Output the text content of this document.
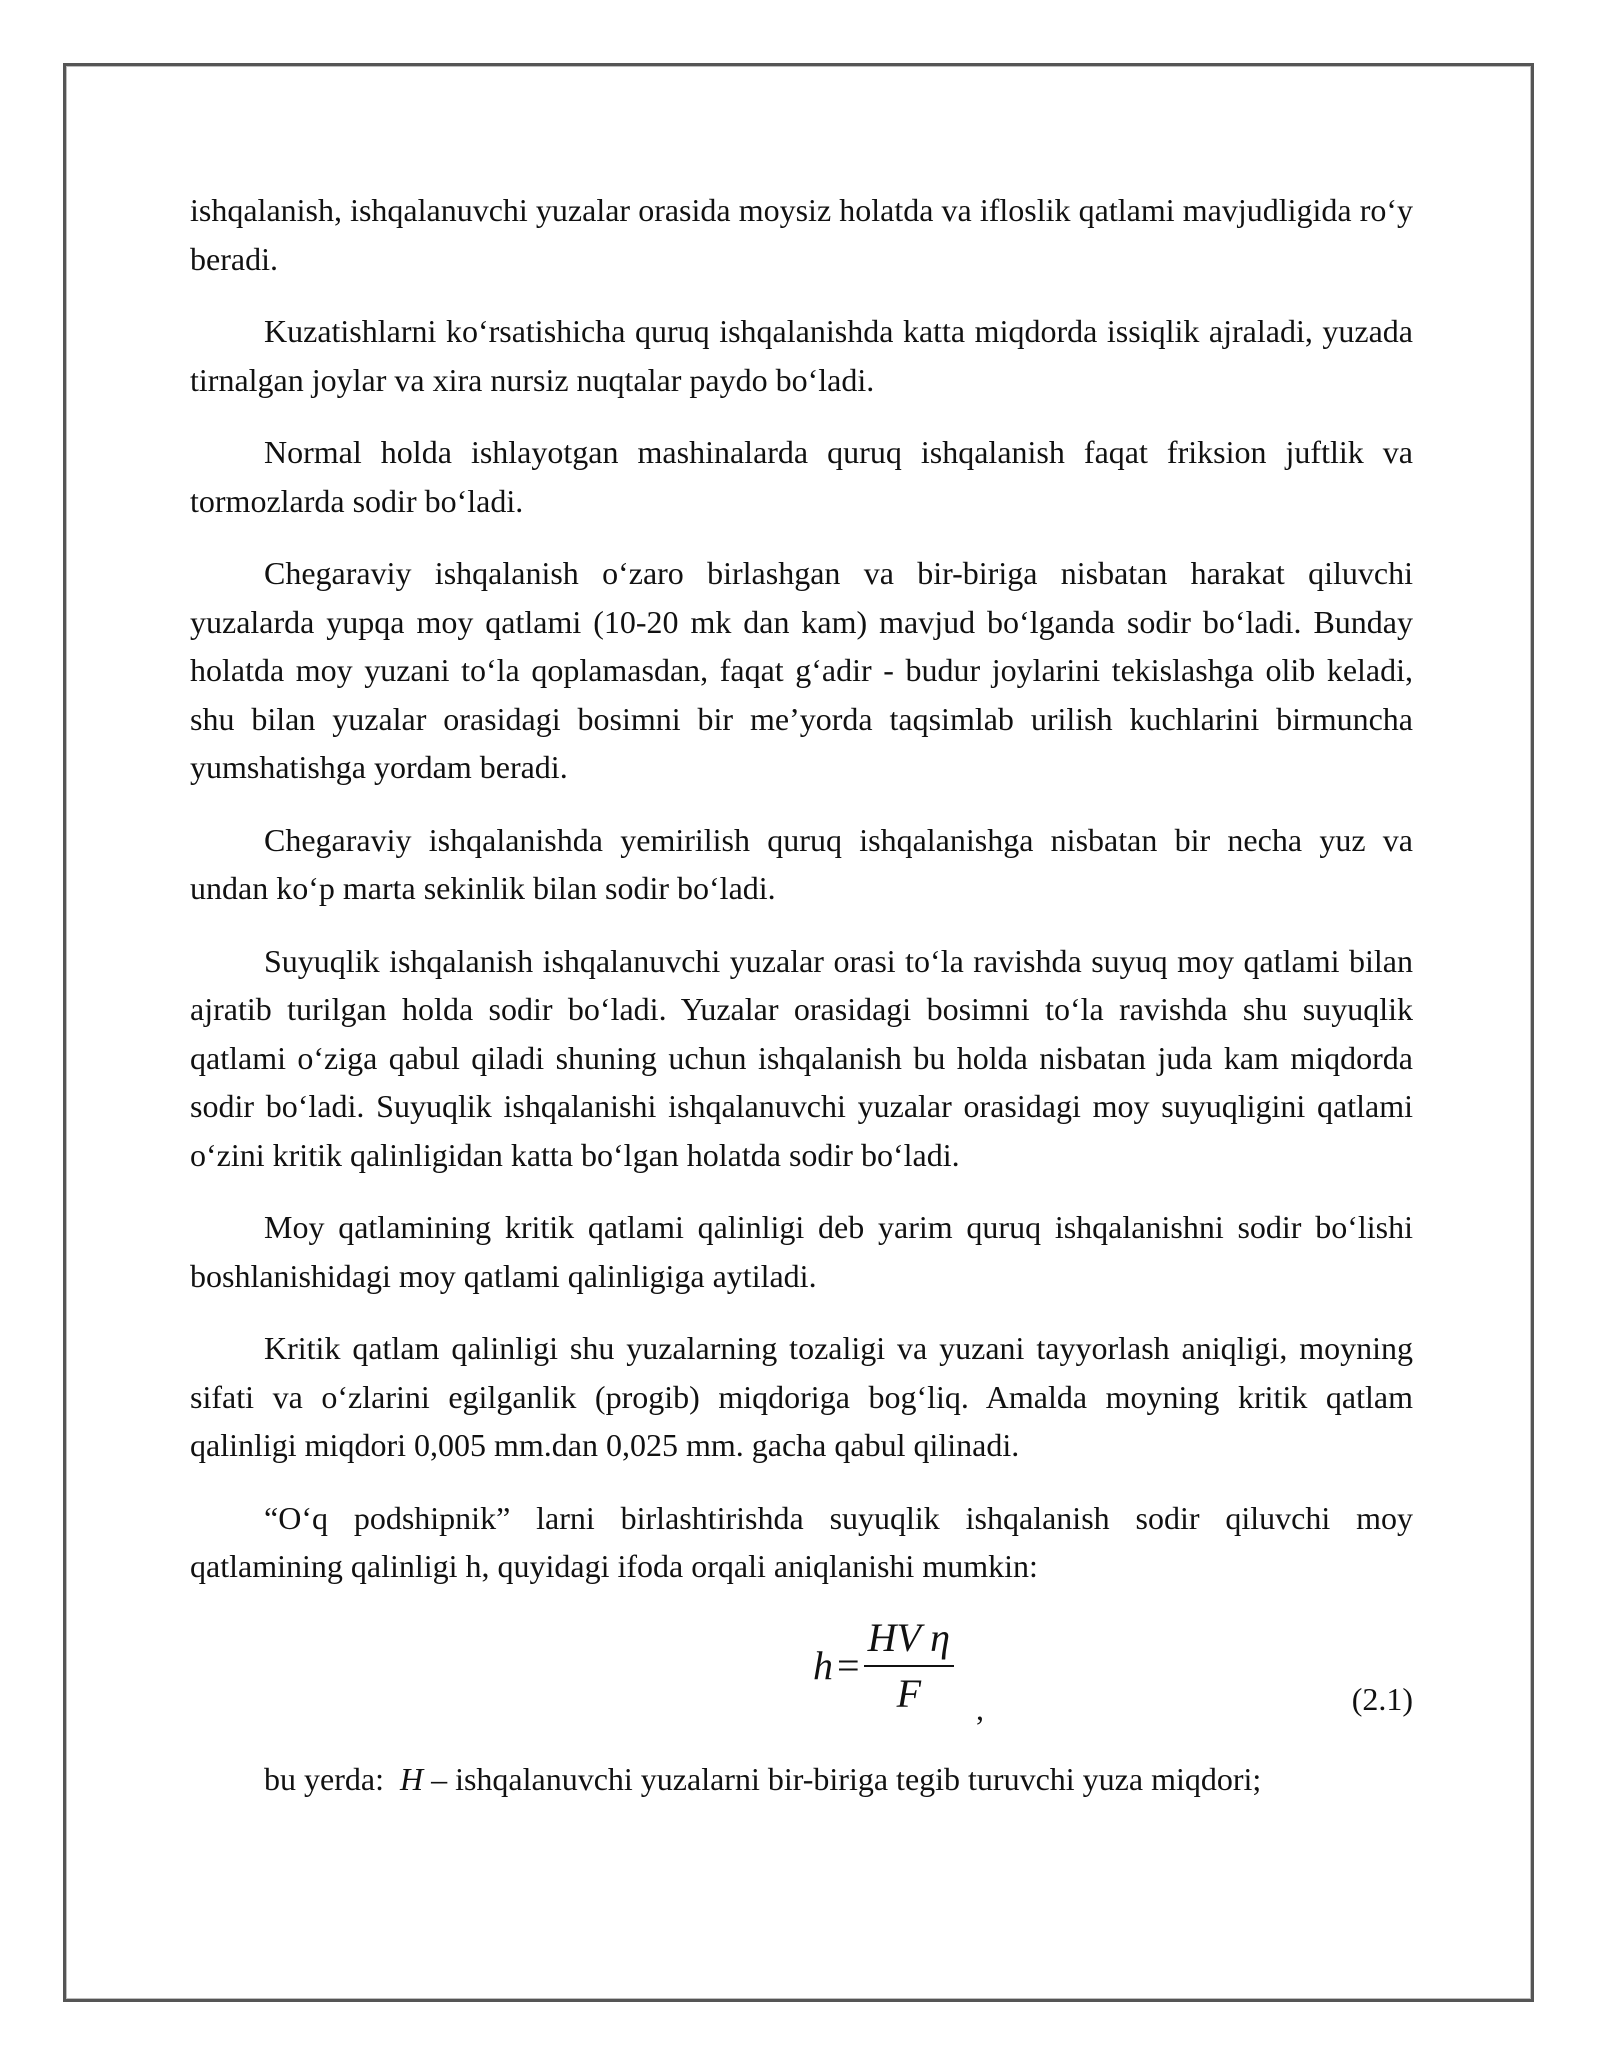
ishqalanish, ishqalanuvchi yuzalar orasida moysiz holatda va ifloslik qatlami mavjudligida ro‘y beradi.

Kuzatishlarni ko‘rsatishicha quruq ishqalanishda katta miqdorda issiqlik ajraladi, yuzada tirnalgan joylar va xira nursiz nuqtalar paydo bo‘ladi.

Normal holda ishlayotgan mashinalarda quruq ishqalanish faqat friksion juftlik va tormozlarda sodir bo‘ladi.

Chegaraviy ishqalanish o‘zaro birlashgan va bir-biriga nisbatan harakat qiluvchi yuzalarda yupqa moy qatlami (10-20 mk dan kam) mavjud bo‘lganda sodir bo‘ladi. Bunday holatda moy yuzani to‘la qoplamasdan, faqat g‘adir - budur joylarini tekislashga olib keladi, shu bilan yuzalar orasidagi bosimni bir me’yorda taqsimlab urilish kuchlarini birmuncha yumshatishga yordam beradi.

Chegaraviy ishqalanishda yemirilish quruq ishqalanishga nisbatan bir necha yuz va undan ko‘p marta sekinlik bilan sodir bo‘ladi.

Suyuqlik ishqalanish ishqalanuvchi yuzalar orasi to‘la ravishda suyuq moy qatlami bilan ajratib turilgan holda sodir bo‘ladi. Yuzalar orasidagi bosimni to‘la ravishda shu suyuqlik qatlami o‘ziga qabul qiladi shuning uchun ishqalanish bu holda nisbatan juda kam miqdorda sodir bo‘ladi. Suyuqlik ishqalanishi ishqalanuvchi yuzalar orasidagi moy suyuqligini qatlami o‘zini kritik qalinligidan katta bo‘lgan holatda sodir bo‘ladi.

Moy qatlamining kritik qatlami qalinligi deb yarim quruq ishqalanishni sodir bo‘lishi boshlanishidagi moy qatlami qalinligiga aytiladi.

Kritik qatlam qalinligi shu yuzalarning tozaligi va yuzani tayyorlash aniqligi, moyning sifati va o‘zlarini egilganlik (progib) miqdoriga bog‘liq. Amalda moyning kritik qatlam qalinligi miqdori 0,005 mm.dan 0,025 mm. gacha qabul qilinadi.

“O‘q podshipnik” larni birlashtirishda suyuqlik ishqalanish sodir qiluvchi moy qatlamining qalinligi h, quyidagi ifoda orqali aniqlanishi mumkin:

$h = \frac{\text{HV η}}{F}$ ,	(2.1)

bu yerda: H – ishqalanuvchi yuzalarni bir-biriga tegib turuvchi yuza miqdori;
